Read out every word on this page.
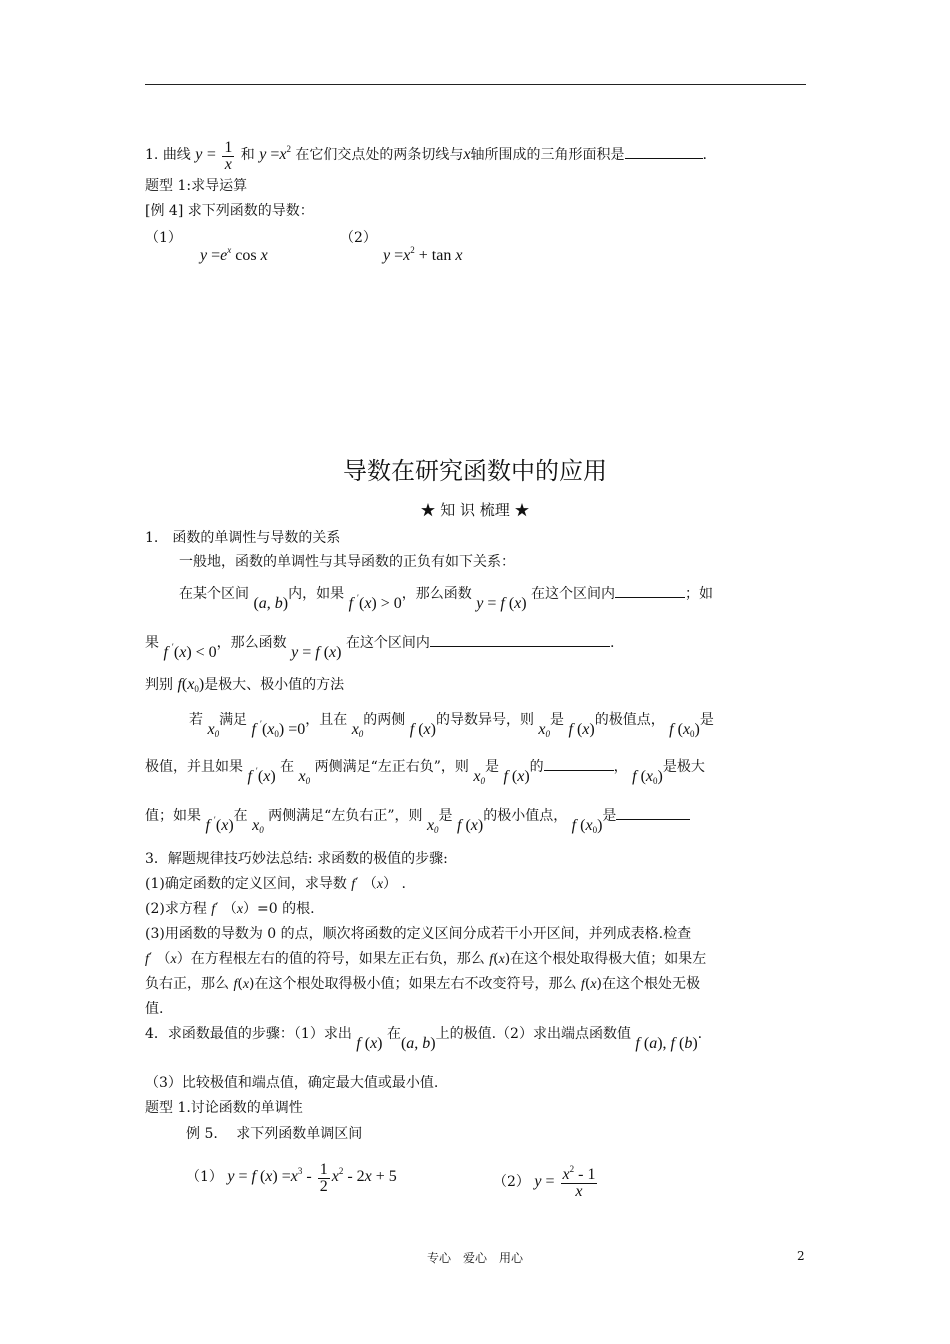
1. 曲线 $y = \frac{1}{x}$ 和 $y =x^2$ 在它们交点处的两条切线与x轴所围成的三角形面积是	.
题型 1:求导运算
[例 4] 求下列函数的导数：
（1）
$y =e^x$ cos x
（2）
$y =x^2 + \tan x$
导数在研究函数中的应用
★ 知 识 梳理 ★
1.　函数的单调性与导数的关系
一般地，函数的单调性与其导函数的正负有如下关系：
在某个区间 (a, b)内，如果 f ′(x) > 0，那么函数 y = f (x) 在这个区间内	；如
果 f ′(x) < 0，那么函数 y = f (x) 在这个区间内	.
判别 $f(x_0)$是极大、极小值的方法
若 $x_0$满足 f $'(x_0) =0$，且在 $x_0$的两侧 f (x)的导数异号，则 $x_0$是 f (x)的极值点， f $(x_0)$是
极值，并且如果 f ′(x) 在 $x_0$ 两侧满足“左正右负”，则 $x_0$是 f (x)的	， f $(x_0)$是极大
值；如果 f ′(x)在 $x_0$ 两侧满足“左负右正”，则 $x_0$是 f (x)的极小值点， f $(x_0)$是
3．解题规律技巧妙法总结: 求函数的极值的步骤:
(1)确定函数的定义区间，求导数 f′ （x） .
(2)求方程 f′ （x）=0 的根.
(3)用函数的导数为 0 的点，顺次将函数的定义区间分成若干小开区间，并列成表格.检查
f′ （x）在方程根左右的值的符号，如果左正右负，那么 f(x)在这个根处取得极大值；如果左
负右正，那么 f(x)在这个根处取得极小值；如果左右不改变符号，那么 f(x)在这个根处无极
值.
4．求函数最值的步骤：（1）求出 f (x) 在(a, b)上的极值.（2）求出端点函数值 f (a), f (b).
（3）比较极值和端点值，确定最大值或最小值.
题型 1.讨论函数的单调性
例 5.　 求下列函数单调区间
（1） y = f $(x) =x^3 - \frac{1}{2} x^2 - 2x + 5$	（2） $y = \frac{x^2 - 1}{x}$
专心　爱心　用心	2
